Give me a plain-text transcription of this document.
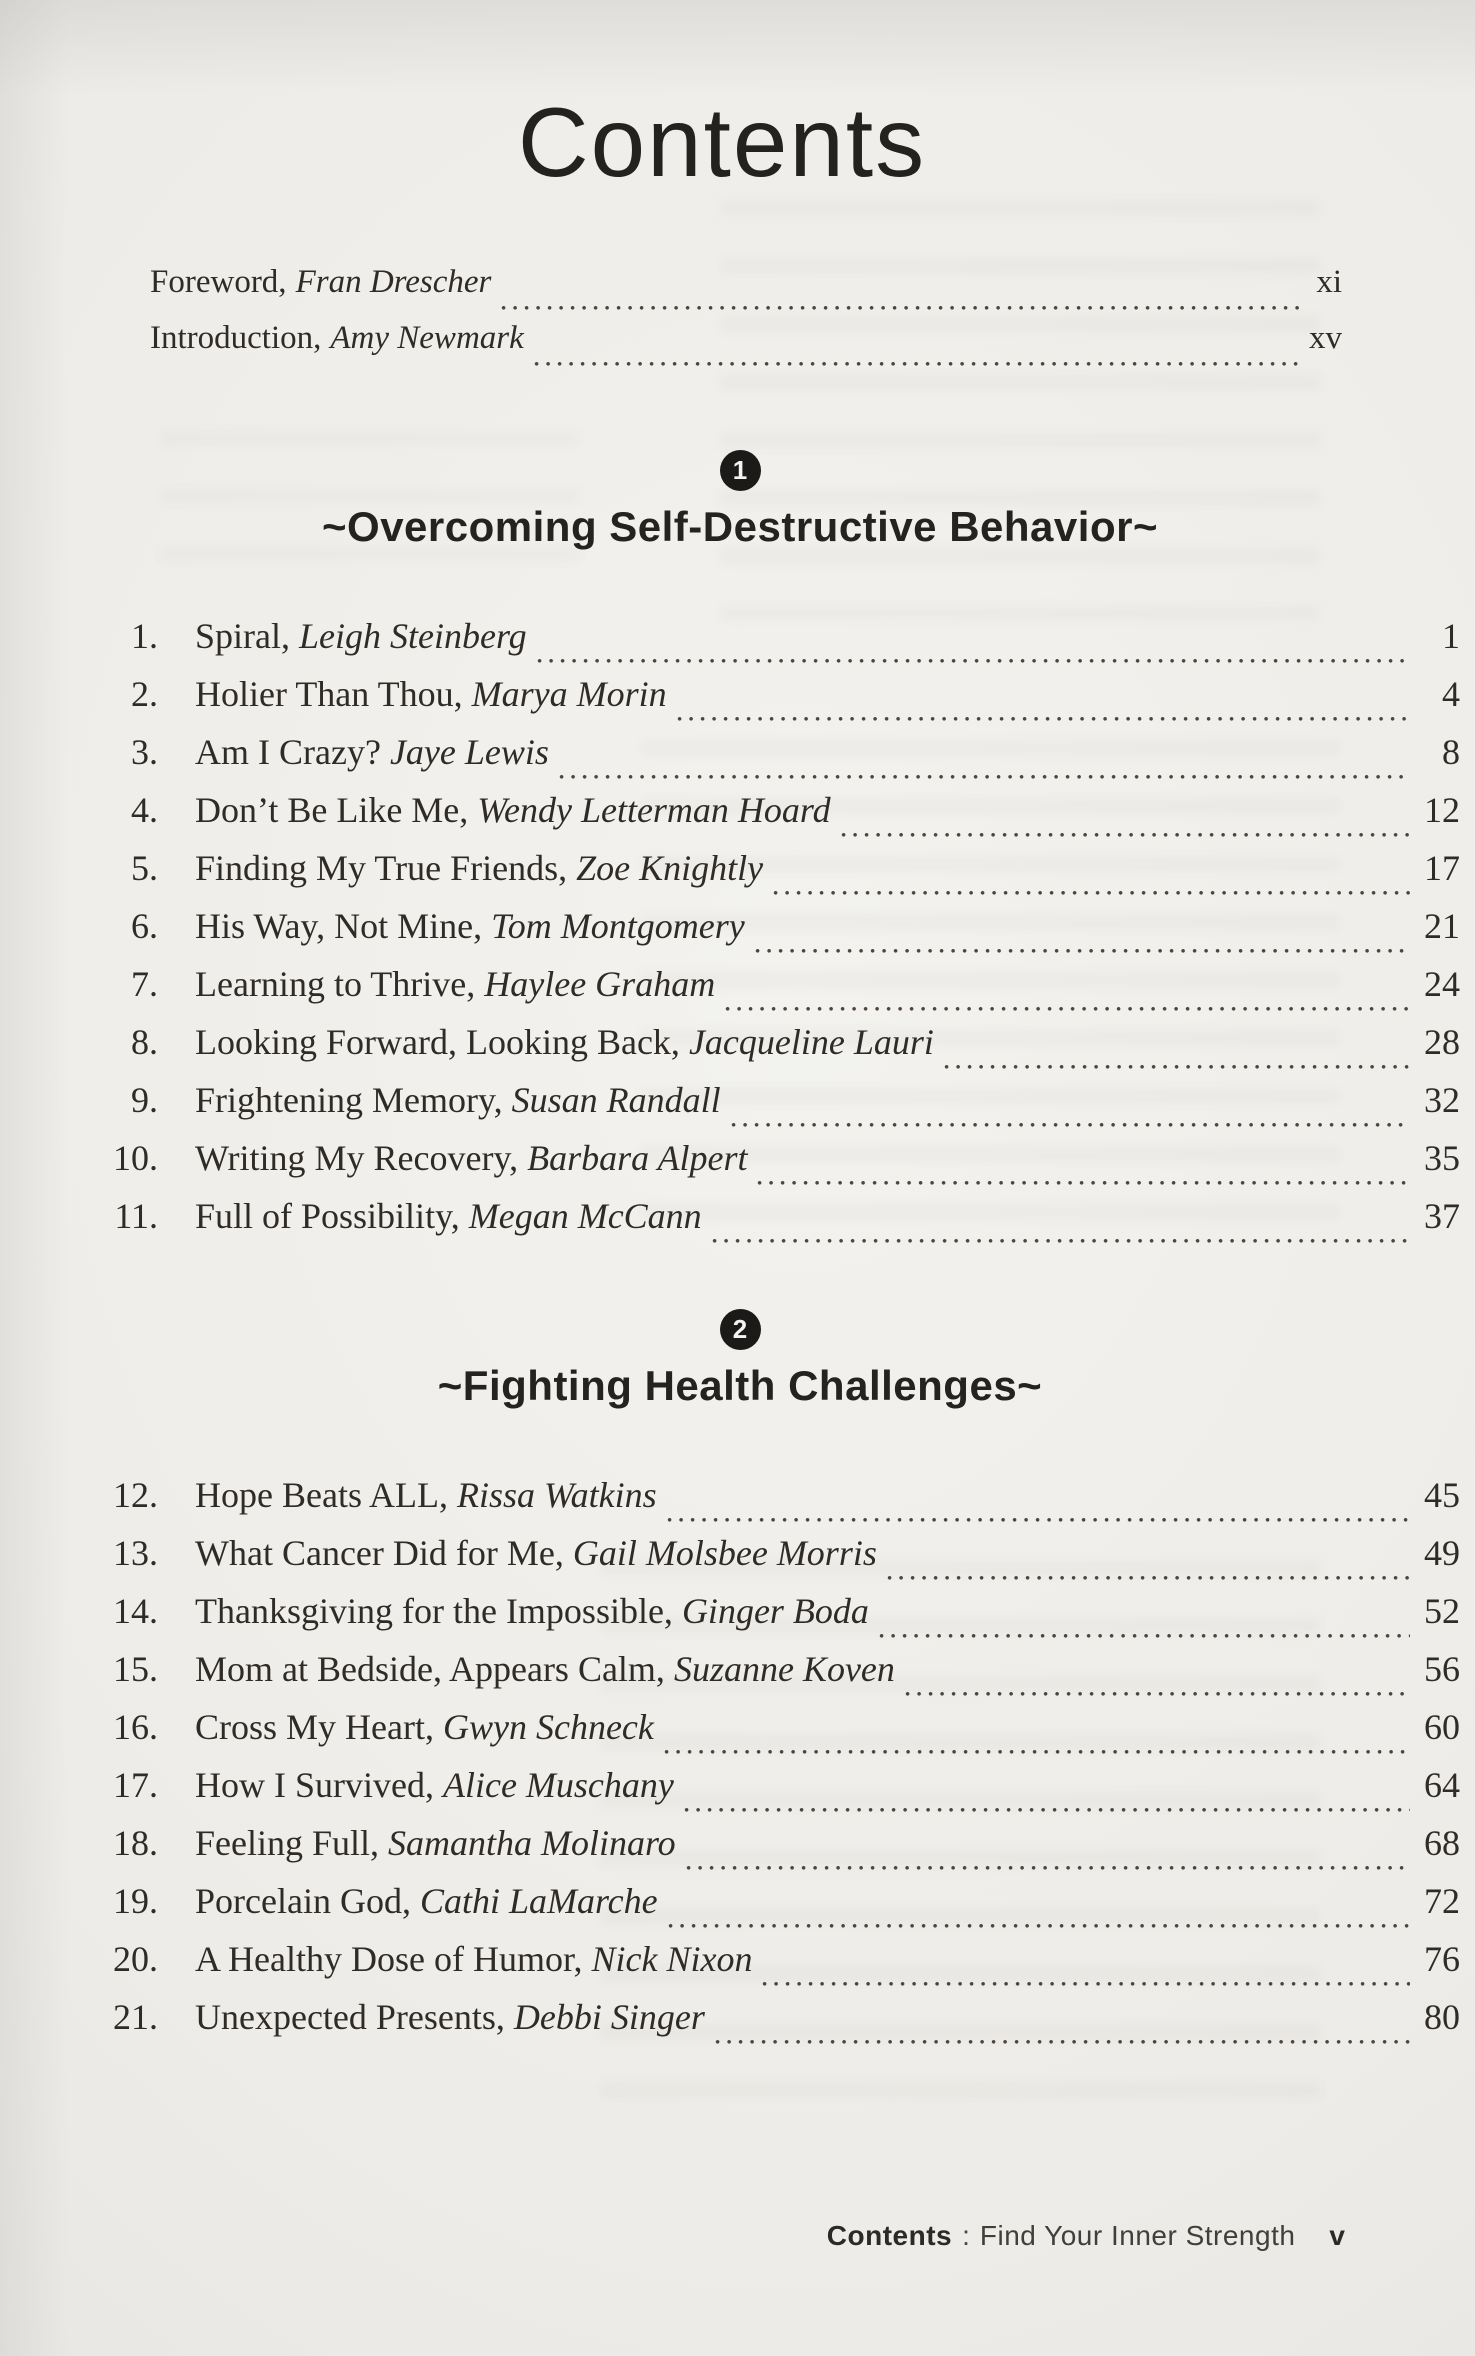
Contents
Foreword, Fran Drescher	xi
Introduction, Amy Newmark	xv
1
~Overcoming Self-Destructive Behavior~
1. Spiral, Leigh Steinberg	1
2. Holier Than Thou, Marya Morin	4
3. Am I Crazy? Jaye Lewis	8
4. Don’t Be Like Me, Wendy Letterman Hoard	12
5. Finding My True Friends, Zoe Knightly	17
6. His Way, Not Mine, Tom Montgomery	21
7. Learning to Thrive, Haylee Graham	24
8. Looking Forward, Looking Back, Jacqueline Lauri	28
9. Frightening Memory, Susan Randall	32
10. Writing My Recovery, Barbara Alpert	35
11. Full of Possibility, Megan McCann	37
2
~Fighting Health Challenges~
12. Hope Beats ALL, Rissa Watkins	45
13. What Cancer Did for Me, Gail Molsbee Morris	49
14. Thanksgiving for the Impossible, Ginger Boda	52
15. Mom at Bedside, Appears Calm, Suzanne Koven	56
16. Cross My Heart, Gwyn Schneck	60
17. How I Survived, Alice Muschany	64
18. Feeling Full, Samantha Molinaro	68
19. Porcelain God, Cathi LaMarche	72
20. A Healthy Dose of Humor, Nick Nixon	76
21. Unexpected Presents, Debbi Singer	80
Contents : Find Your Inner Strength v
